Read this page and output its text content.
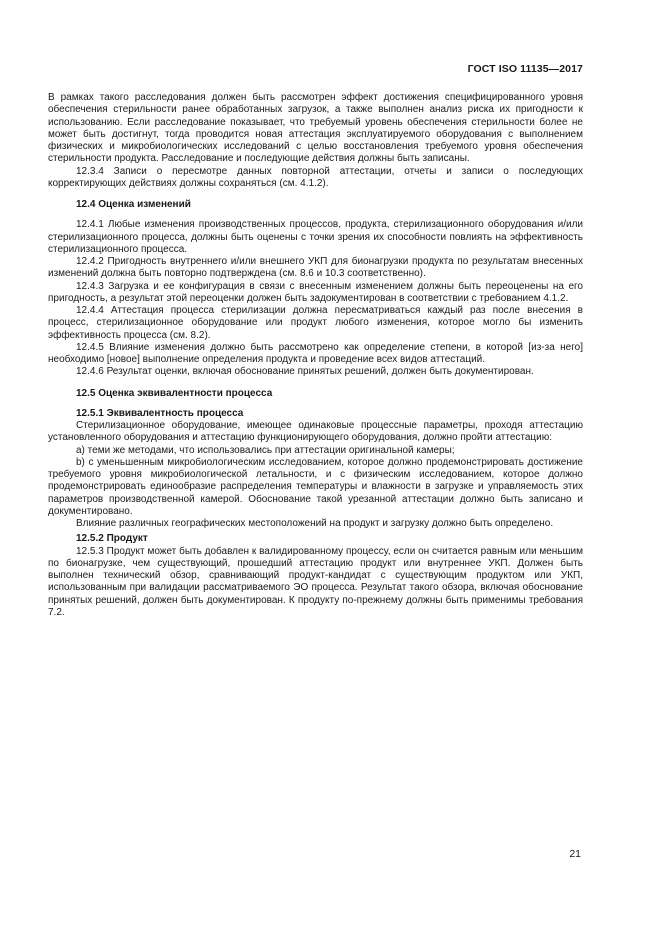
ГОСТ ISO 11135—2017

В рамках такого расследования должен быть рассмотрен эффект достижения специфицированного уровня обеспечения стерильности ранее обработанных загрузок, а также выполнен анализ риска их пригодности к использованию. Если расследование показывает, что требуемый уровень обеспечения стерильности более не может быть достигнут, тогда проводится новая аттестация эксплуатируемого оборудования с выполнением физических и микробиологических исследований с целью восстановления требуемого уровня обеспечения стерильности продукта. Расследование и последующие действия должны быть записаны.

12.3.4 Записи о пересмотре данных повторной аттестации, отчеты и записи о последующих корректирующих действиях должны сохраняться (см. 4.1.2).

12.4 Оценка изменений

12.4.1 Любые изменения производственных процессов, продукта, стерилизационного оборудования и/или стерилизационного процесса, должны быть оценены с точки зрения их способности повлиять на эффективность стерилизационного процесса.

12.4.2 Пригодность внутреннего и/или внешнего УКП для бионагрузки продукта по результатам внесенных изменений должна быть повторно подтверждена (см. 8.6 и 10.3 соответственно).

12.4.3 Загрузка и ее конфигурация в связи с внесенным изменением должны быть переоценены на его пригодность, а результат этой переоценки должен быть задокументирован в соответствии с требованием 4.1.2.

12.4.4 Аттестация процесса стерилизации должна пересматриваться каждый раз после внесения в процесс, стерилизационное оборудование или продукт любого изменения, которое могло бы изменить эффективность процесса (см. 8.2).

12.4.5 Влияние изменения должно быть рассмотрено как определение степени, в которой [из-за него] необходимо [новое] выполнение определения продукта и проведение всех видов аттестаций.

12.4.6 Результат оценки, включая обоснование принятых решений, должен быть документирован.

12.5 Оценка эквивалентности процесса

12.5.1 Эквивалентность процесса

Стерилизационное оборудование, имеющее одинаковые процессные параметры, проходя аттестацию установленного оборудования и аттестацию функционирующего оборудования, должно пройти аттестацию:

а) теми же методами, что использовались при аттестации оригинальной камеры;

b) с уменьшенным микробиологическим исследованием, которое должно продемонстрировать достижение требуемого уровня микробиологической летальности, и с физическим исследованием, которое должно продемонстрировать единообразие распределения температуры и влажности в загрузке и управляемость этих параметров производственной камерой. Обоснование такой урезанной аттестации должно быть записано и документировано.

Влияние различных географических местоположений на продукт и загрузку должно быть определено.

12.5.2 Продукт

12.5.3 Продукт может быть добавлен к валидированному процессу, если он считается равным или меньшим по бионагрузке, чем существующий, прошедший аттестацию продукт или внутреннее УКП. Должен быть выполнен технический обзор, сравнивающий продукт-кандидат с существующим продуктом или УКП, использованным при валидации рассматриваемого ЭО процесса. Результат такого обзора, включая обоснование принятых решений, должен быть документирован. К продукту по-прежнему должны быть применимы требования 7.2.

21
